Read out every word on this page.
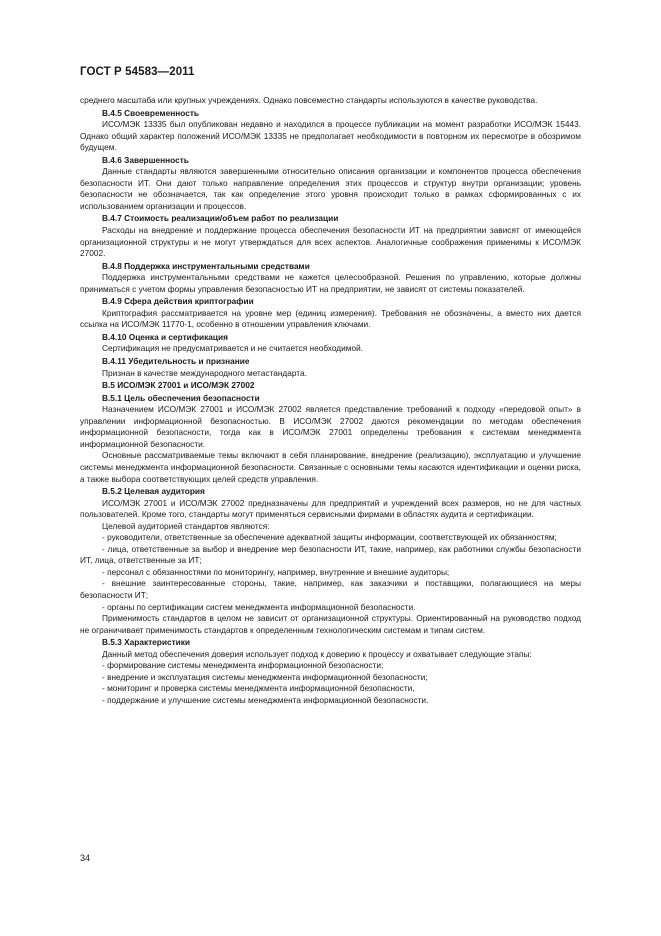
ГОСТ Р 54583—2011

среднего масштаба или крупных учреждениях. Однако повсеместно стандарты используются в качестве руководства.

В.4.5 Своевременность

ИСО/МЭК 13335 был опубликован недавно и находился в процессе публикации на момент разработки ИСО/МЭК 15443. Однако общий характер положений ИСО/МЭК 13335 не предполагает необходимости в повторном их пересмотре в обозримом будущем.

В.4.6 Завершенность

Данные стандарты являются завершенными относительно описания организации и компонентов процесса обеспечения безопасности ИТ. Они дают только направление определения этих процессов и структур внутри организации; уровень безопасности не обозначается, так как определение этого уровня происходит только в рамках сформированных с их использованием организации и процессов.

В.4.7 Стоимость реализации/объем работ по реализации

Расходы на внедрение и поддержание процесса обеспечения безопасности ИТ на предприятии зависят от имеющейся организационной структуры и не могут утверждаться для всех аспектов. Аналогичные соображения применимы к ИСО/МЭК 27002.

В.4.8 Поддержка инструментальными средствами

Поддержка инструментальными средствами не кажется целесообразной. Решения по управлению, которые должны приниматься с учетом формы управления безопасностью ИТ на предприятии, не зависят от системы показателей.

В.4.9 Сфера действия криптографии

Криптография рассматривается на уровне мер (единиц измерения). Требования не обозначены, а вместо них дается ссылка на ИСО/МЭК 11770-1, особенно в отношении управления ключами.

В.4.10 Оценка и сертификация

Сертификация не предусматривается и не считается необходимой.

В.4.11 Убедительность и признание

Признан в качестве международного метастандарта.

В.5 ИСО/МЭК 27001 и ИСО/МЭК 27002

В.5.1 Цель обеспечения безопасности

Назначением ИСО/МЭК 27001 и ИСО/МЭК 27002 является представление требований к подходу «передовой опыт» в управлении информационной безопасностью. В ИСО/МЭК 27002 даются рекомендации по методам обеспечения информационной безопасности, тогда как в ИСО/МЭК 27001 определены требования к системам менеджмента информационной безопасности.

Основные рассматриваемые темы включают в себя планирование, внедрение (реализацию), эксплуатацию и улучшение системы менеджмента информационной безопасности. Связанные с основными темы касаются идентификации и оценки риска, а также выбора соответствующих целей средств управления.

В.5.2 Целевая аудитория

ИСО/МЭК 27001 и ИСО/МЭК 27002 предназначены для предприятий и учреждений всех размеров, но не для частных пользователей. Кроме того, стандарты могут применяться сервисными фирмами в областях аудита и сертификации.

Целевой аудиторией стандартов являются:

- руководители, ответственные за обеспечение адекватной защиты информации, соответствующей их обязанностям;

- лица, ответственные за выбор и внедрение мер безопасности ИТ, такие, например, как работники службы безопасности ИТ, лица, ответственные за ИТ;

- персонал с обязанностями по мониторингу, например, внутренние и внешние аудиторы;

- внешние заинтересованные стороны, такие, например, как заказчики и поставщики, полагающиеся на меры безопасности ИТ;

- органы по сертификации систем менеджмента информационной безопасности.

Применимость стандартов в целом не зависит от организационной структуры. Ориентированный на руководство подход не ограничивает применимость стандартов к определенным технологическим системам и типам систем.

В.5.3 Характеристики

Данный метод обеспечения доверия использует подход к доверию к процессу и охватывает следующие этапы:

- формирование системы менеджмента информационной безопасности;

- внедрение и эксплуатация системы менеджмента информационной безопасности;

- мониторинг и проверка системы менеджмента информационной безопасности,

- поддержание и улучшение системы менеджмента информационной безопасности.

34
